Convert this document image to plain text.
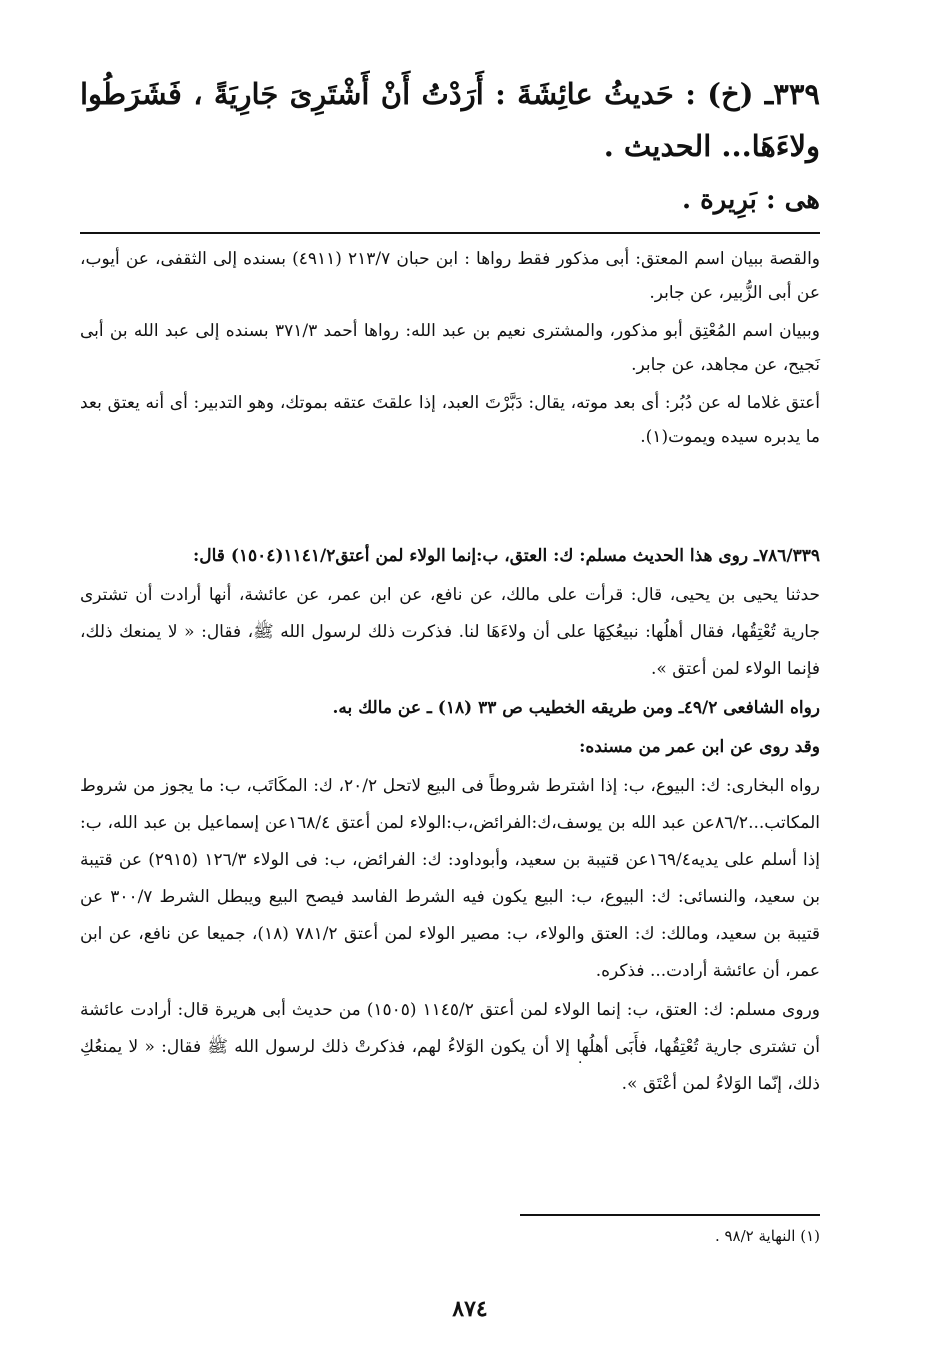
٣٣٩ـ (خ) : حَديثُ عائِشَةَ : أَرَدْتُ أَنْ أَشْتَرِىَ جَارِيَةً ، فَشَرَطُوا ولاءَهَا... الحديث .
هى : بَرِيرة .

والقصة ببيان اسم المعتق: أبى مذكور فقط رواها : ابن حبان ٢١٣/٧ (٤٩١١) بسنده إلى الثقفى، عن أيوب، عن أبى الزُّبير، عن جابر.

وببيان اسم المُعْتِق أبو مذكور، والمشترى نعيم بن عبد الله: رواها أحمد ٣٧١/٣ بسنده إلى عبد الله بن أبى نَجيح، عن مجاهد، عن جابر.

أعتق غلاما له عن دُبُر: أى بعد موته، يقال: دَبَّرْتَ العبد، إذا علقتَ عتقه بموتك، وهو التدبير: أى أنه يعتق بعد ما يدبره سيده ويموت(١).

٧٨٦/٣٣٩ـ روى هذا الحديث مسلم: ك: العتق، ب:إنما الولاء لمن أعتق١١٤١/٢(١٥٠٤) قال:

حدثنا يحيى بن يحيى، قال: قرأت على مالك، عن نافع، عن ابن عمر، عن عائشة، أنها أرادت أن تشترى جارية تُعْتِقُها، فقال أهلُها: نبيعُكِهَا على أن ولاءَهَا لنا. فذكرت ذلك لرسول الله ﷺ، فقال: « لا يمنعك ذلك، فإنما الولاء لمن أعتق ».

رواه الشافعى ٤٩/٢ـ ومن طريقه الخطيب ص ٣٣ (١٨) ـ عن مالك به.

وقد روى عن ابن عمر من مسنده:

رواه البخارى: ك: البيوع، ب: إذا اشترط شروطاً فى البيع لاتحل ٢٠/٢، ك: المكَاتَب، ب: ما يجوز من شروط المكاتب...٨٦/٢عن عبد الله بن يوسف،ك:الفرائض،ب:الولاء لمن أعتق ١٦٨/٤عن إسماعيل بن عبد الله، ب: إذا أسلم على يديه١٦٩/٤عن قتيبة بن سعيد، وأبوداود: ك: الفرائض، ب: فى الولاء ١٢٦/٣ (٢٩١٥) عن قتيبة بن سعيد، والنسائى: ك: البيوع، ب: البيع يكون فيه الشرط الفاسد فيصح البيع ويبطل الشرط ٣٠٠/٧ عن قتيبة بن سعيد، ومالك: ك: العتق والولاء، ب: مصير الولاء لمن أعتق ٧٨١/٢ (١٨)، جميعا عن نافع، عن ابن عمر، أن عائشة أرادت... فذكره.

وروى مسلم: ك: العتق، ب: إنما الولاء لمن أعتق ١١٤٥/٢ (١٥٠٥) من حديث أبى هريرة قال: أرادت عائشة أن تشترى جارية تُعْتِقُها، فأَبَى أهلُها إلا أن يكون الوَلاءُ لهم، فذكرتْ ذلك لرسول الله ﷺ فقال: « لا يمنعُكِ ذلك، إنّما الوَلاءُ لمن أعْتَق ».

·
(١) النهاية ٩٨/٢ .
٨٧٤
